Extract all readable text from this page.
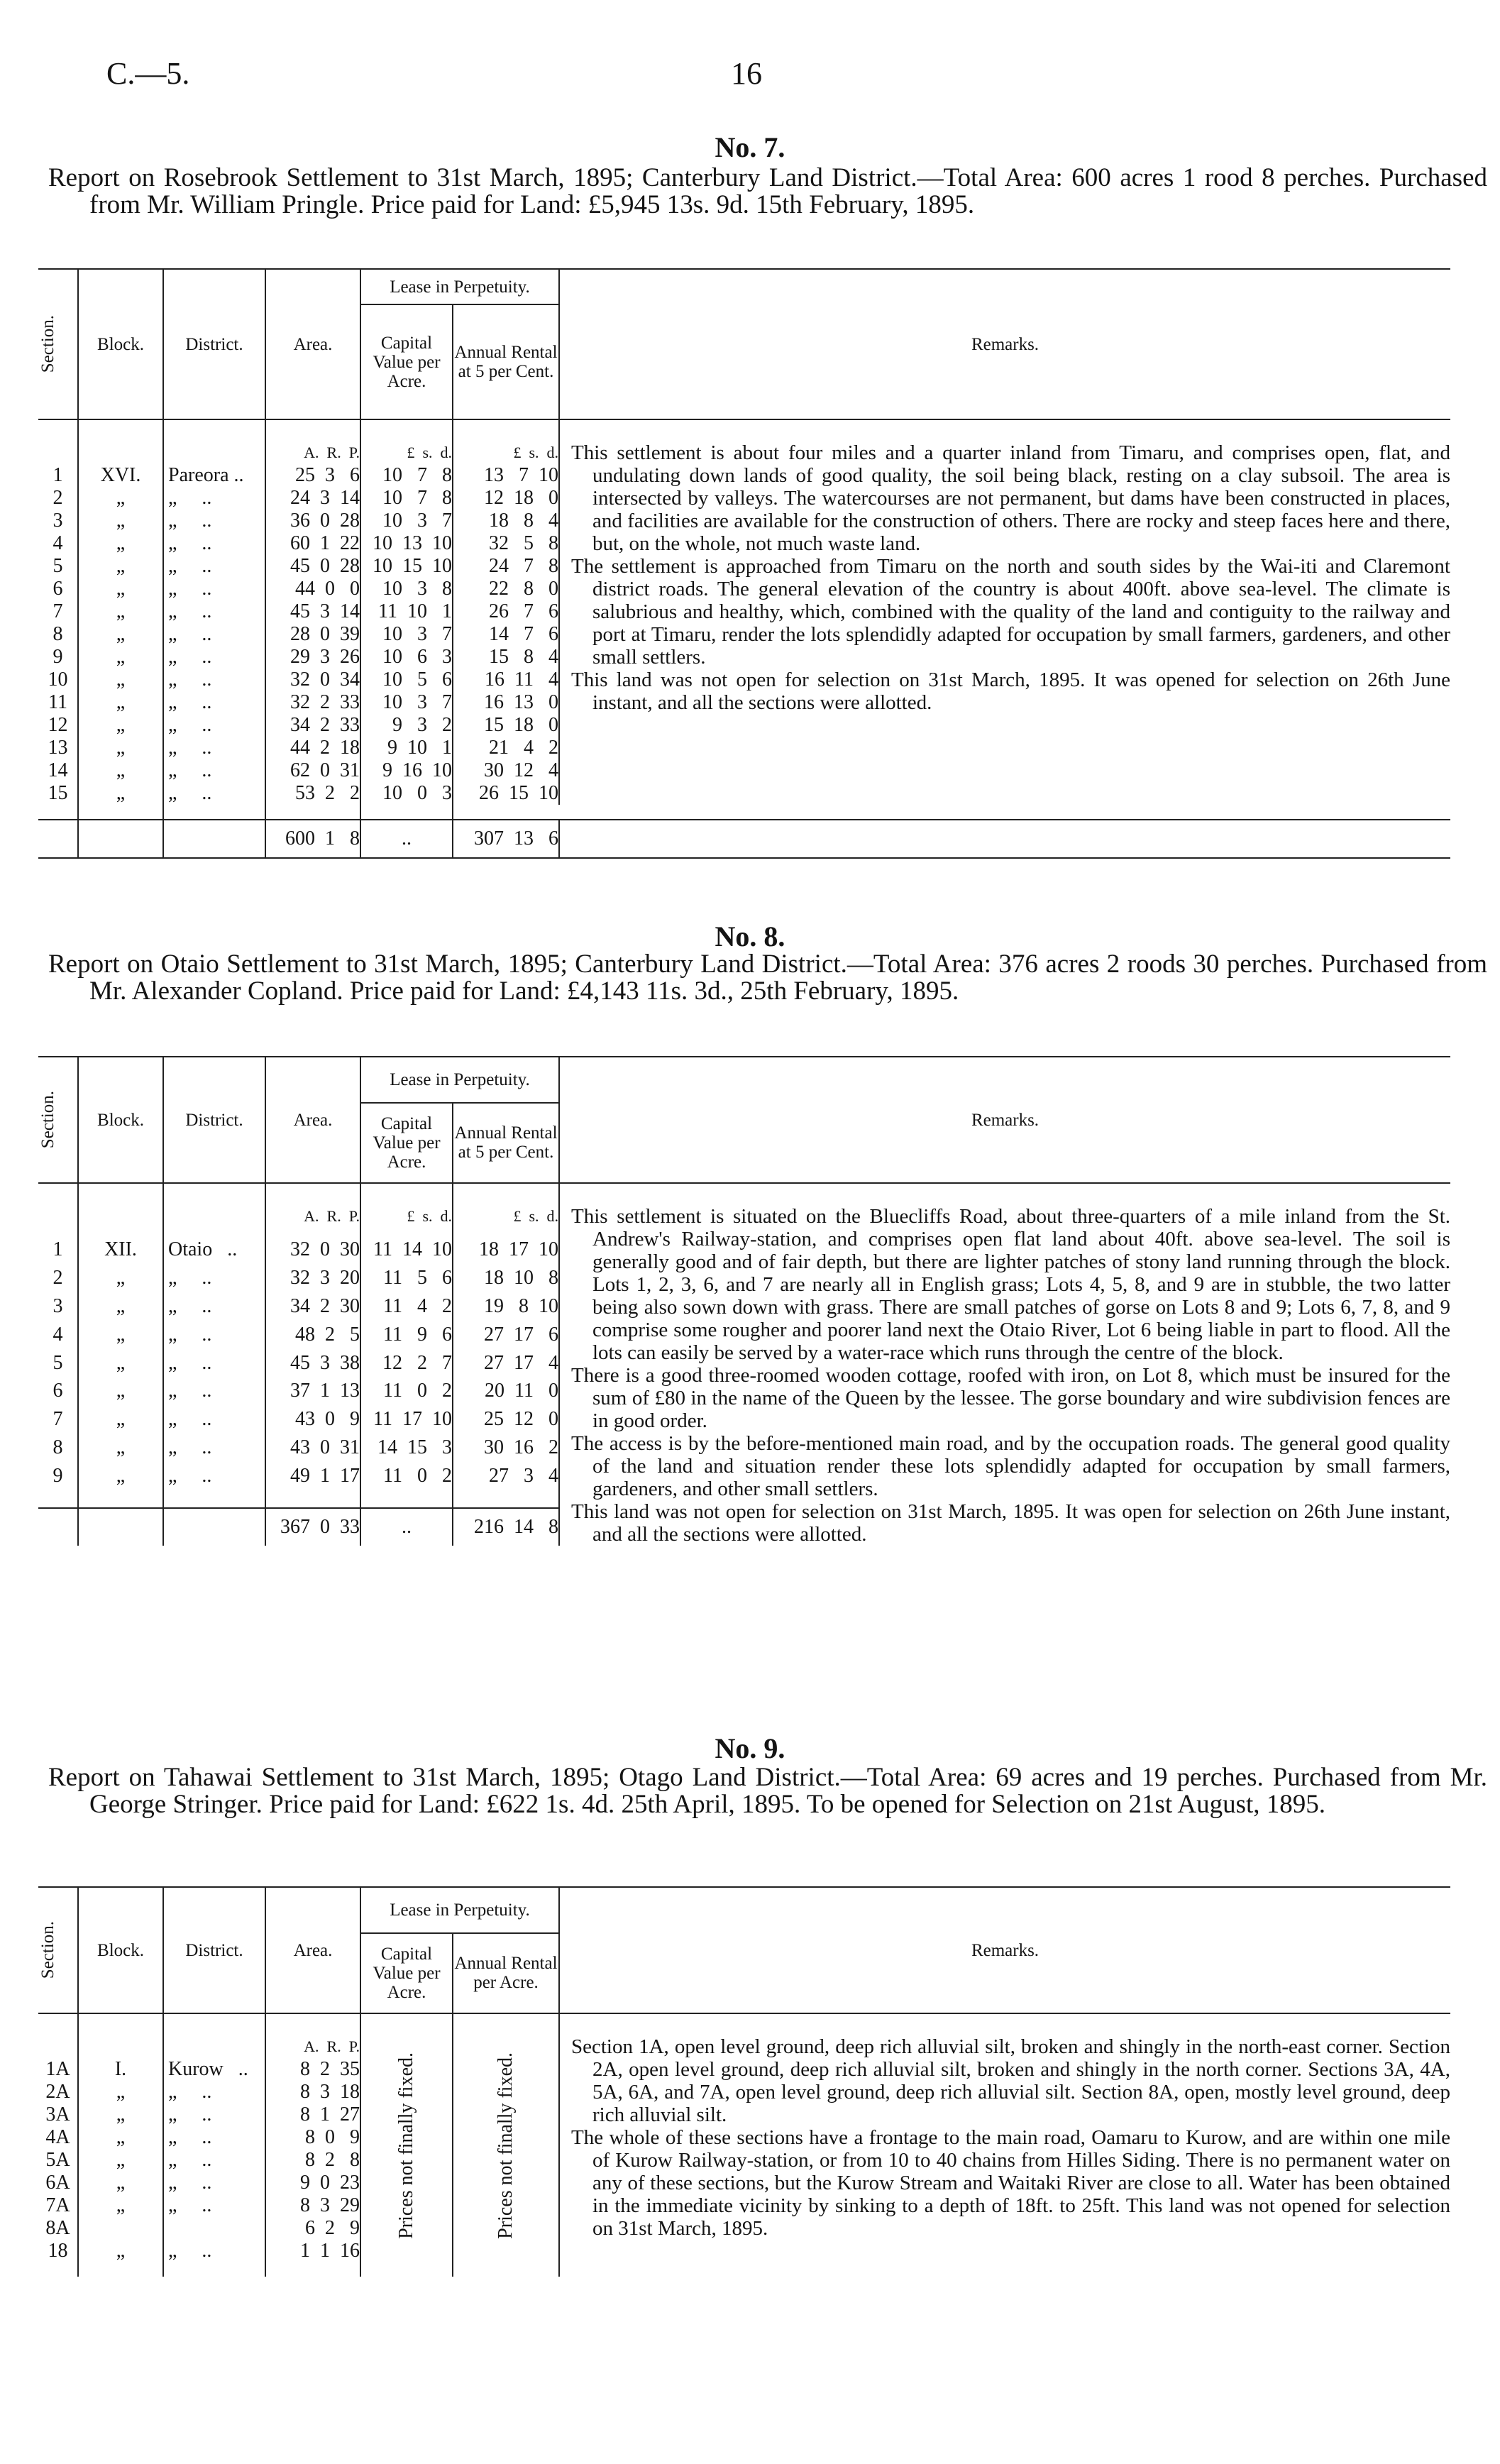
C.—5.	16
No. 7.
Report on Rosebrook Settlement to 31st March, 1895; Canterbury Land District.—Total Area: 600 acres 1 rood 8 perches. Purchased from Mr. William Pringle. Price paid for Land: £5,945 13s. 9d. 15th February, 1895.
Section.	Block.	District.	Area.	Lease in Perpetuity.		Remarks.
				Capital Value per Acre.	Annual Rental at 5 per Cent.	
			A.  R.  P.	£  s.  d.	£  s.  d.	This settlement is about four miles and a quarter inland from Timaru, and comprises open, flat, and undulating down lands of good quality, the soil being black, resting on a clay subsoil. The area is intersected by valleys. The watercourses are not permanent, but dams have been constructed in places, and facilities are available for the construction of others. There are rocky and steep faces here and there, but, on the whole, not much waste land.

The settlement is approached from Timaru on the north and south sides by the Wai-iti and Claremont district roads. The general elevation of the country is about 400ft. above sea-level. The climate is salubrious and healthy, which, combined with the quality of the land and contiguity to the railway and port at Timaru, render the lots splendidly adapted for occupation by small farmers, gardeners, and other small settlers.

This land was not open for selection on 31st March, 1895. It was opened for selection on 26th June instant, and all the sections were allotted.

1	XVI.	Pareora ..	25  3   6	10   7   8	13   7  10	
2	„	„     ..	24  3  14	10   7   8	12  18   0	
3	„	„     ..	36  0  28	10   3   7	18   8   4	
4	„	„     ..	60  1  22	10  13  10	32   5   8	
5	„	„     ..	45  0  28	10  15  10	24   7   8	
6	„	„     ..	44  0   0	10   3   8	22   8   0	
7	„	„     ..	45  3  14	11  10   1	26   7   6	
8	„	„     ..	28  0  39	10   3   7	14   7   6	
9	„	„     ..	29  3  26	10   6   3	15   8   4	
10	„	„     ..	32  0  34	10   5   6	16  11   4	
11	„	„     ..	32  2  33	10   3   7	16  13   0	
12	„	„     ..	34  2  33	9   3   2	15  18   0	
13	„	„     ..	44  2  18	9  10   1	21   4   2	
14	„	„     ..	62  0  31	9  16  10	30  12   4	
15	„	„     ..	53  2   2	10   0   3	26  15  10	

			600  1   8	..	307  13   6	
No. 8.
Report on Otaio Settlement to 31st March, 1895; Canterbury Land District.—Total Area: 376 acres 2 roods 30 perches. Purchased from Mr. Alexander Copland. Price paid for Land: £4,143 11s. 3d., 25th February, 1895.
Section.	Block.	District.	Area.	Lease in Perpetuity.		Remarks.
				Capital Value per Acre.	Annual Rental at 5 per Cent.	
			A.  R.  P.	£  s.  d.	£  s.  d.	This settlement is situated on the Bluecliffs Road, about three-quarters of a mile inland from the St. Andrew's Railway-station, and comprises open flat land about 40ft. above sea-level. The soil is generally good and of fair depth, but there are lighter patches of stony land running through the block. Lots 1, 2, 3, 6, and 7 are nearly all in English grass; Lots 4, 5, 8, and 9 are in stubble, the two latter being also sown down with grass. There are small patches of gorse on Lots 8 and 9; Lots 6, 7, 8, and 9 comprise some rougher and poorer land next the Otaio River, Lot 6 being liable in part to flood. All the lots can easily be served by a water-race which runs through the centre of the block.

There is a good three-roomed wooden cottage, roofed with iron, on Lot 8, which must be insured for the sum of £80 in the name of the Queen by the lessee. The gorse boundary and wire subdivision fences are in good order.

The access is by the before-mentioned main road, and by the occupation roads. The general good quality of the land and situation render these lots splendidly adapted for occupation by small farmers, gardeners, and other small settlers.

This land was not open for selection on 31st March, 1895. It was open for selection on 26th June instant, and all the sections were allotted.

1	XII.	Otaio   ..	32  0  30	11  14  10	18  17  10	
2	„	„     ..	32  3  20	11   5   6	18  10   8	
3	„	„     ..	34  2  30	11   4   2	19   8  10	
4	„	„     ..	48  2   5	11   9   6	27  17   6	
5	„	„     ..	45  3  38	12   2   7	27  17   4	
6	„	„     ..	37  1  13	11   0   2	20  11   0	
7	„	„     ..	43  0   9	11  17  10	25  12   0	
8	„	„     ..	43  0  31	14  15   3	30  16   2	
9	„	„     ..	49  1  17	11   0   2	27   3   4	

			367  0  33	..	216  14   8	
No. 9.
Report on Tahawai Settlement to 31st March, 1895; Otago Land District.—Total Area: 69 acres and 19 perches. Purchased from Mr. George Stringer. Price paid for Land: £622 1s. 4d. 25th April, 1895. To be opened for Selection on 21st August, 1895.
Section.	Block.	District.	Area.	Lease in Perpetuity.		Remarks.
				Capital Value per Acre.	Annual Rental per Acre.	
			A.  R.  P.	Prices not finally fixed.	Prices not finally fixed.	Section 1A, open level ground, deep rich alluvial silt, broken and shingly in the north-east corner. Section 2A, open level ground, deep rich alluvial silt, broken and shingly in the north corner. Sections 3A, 4A, 5A, 6A, and 7A, open level ground, deep rich alluvial silt. Section 8A, open, mostly level ground, deep rich alluvial silt.

The whole of these sections have a frontage to the main road, Oamaru to Kurow, and are within one mile of Kurow Railway-station, or from 10 to 40 chains from Hilles Siding. There is no permanent water on any of these sections, but the Kurow Stream and Waitaki River are close to all. Water has been obtained in the immediate vicinity by sinking to a depth of 18ft. to 25ft. This land was not opened for selection on 31st March, 1895.

1A	I.	Kurow   ..	8  2  35			
2A	„	„     ..	8  3  18			
3A	„	„     ..	8  1  27			
4A	„	„     ..	8  0   9			
5A	„	„     ..	8  2   8			
6A	„	„     ..	9  0  23			
7A	„	„     ..	8  3  29			
8A			6  2   9			
18	„	„     ..	1  1  16			
